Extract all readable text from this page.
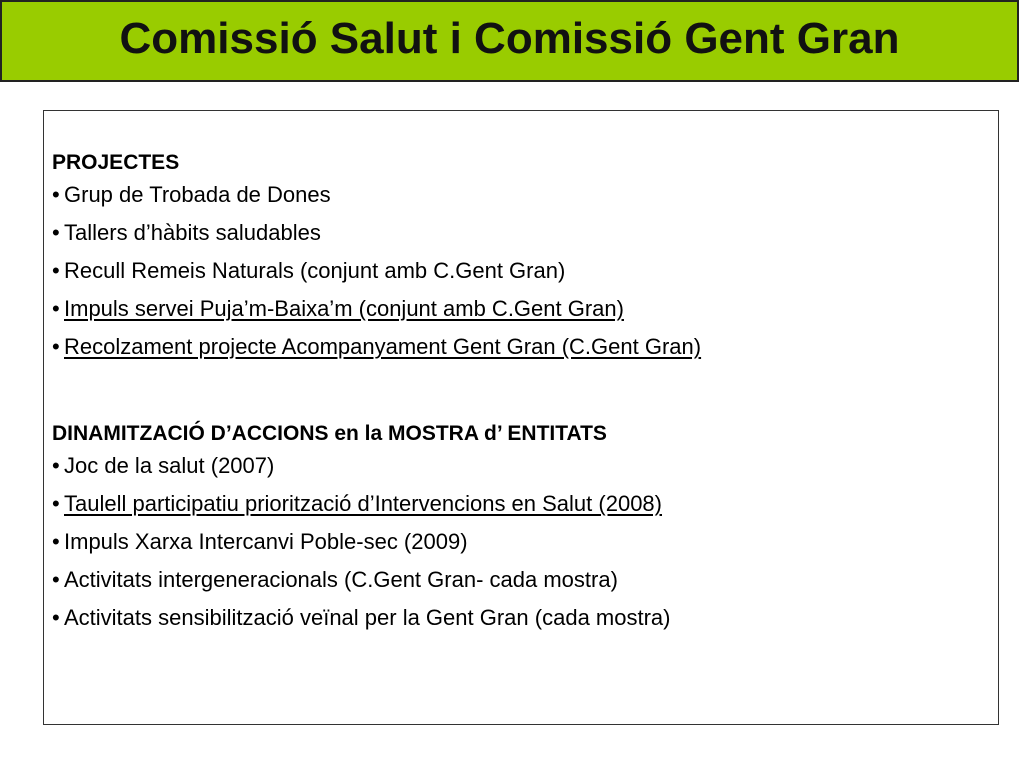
Comissió Salut i Comissió Gent Gran
PROJECTES
• Grup de Trobada de Dones
• Tallers d’hàbits saludables
• Recull Remeis Naturals (conjunt amb C.Gent Gran)
• Impuls servei Puja’m-Baixa’m (conjunt amb C.Gent Gran)
• Recolzament projecte Acompanyament Gent Gran (C.Gent Gran)
DINAMITZACIÓ D’ACCIONS en la MOSTRA d’ ENTITATS
• Joc de la salut (2007)
• Taulell participatiu priorització d’Intervencions en Salut (2008)
• Impuls Xarxa Intercanvi Poble-sec (2009)
• Activitats intergeneracionals (C.Gent Gran- cada mostra)
• Activitats sensibilització veïnal per la Gent Gran (cada mostra)
